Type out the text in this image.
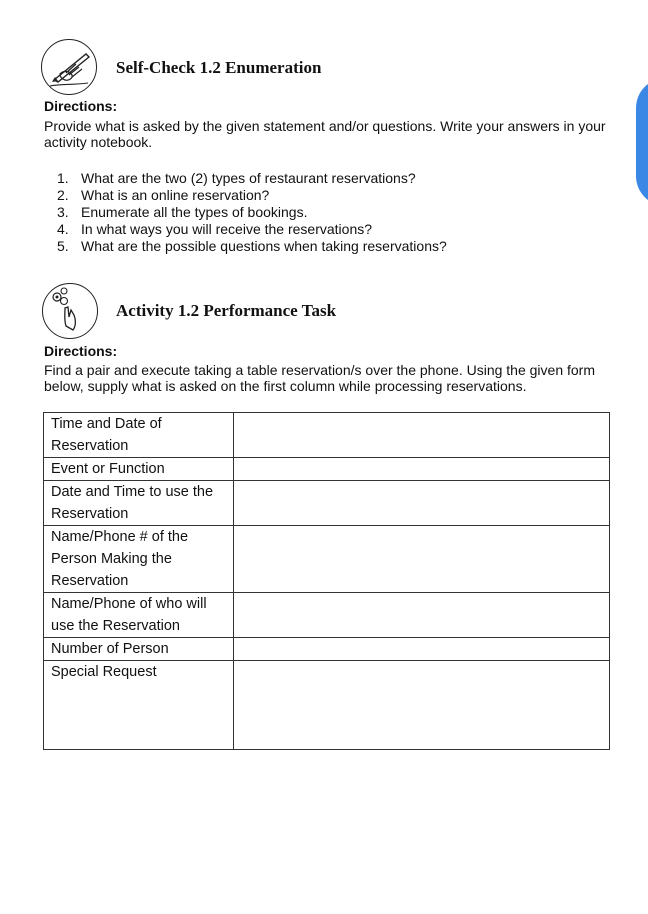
Self-Check 1.2 Enumeration
Directions:
Provide what is asked by the given statement and/or questions. Write your answers in your activity notebook.
1. What are the two (2) types of restaurant reservations?
2. What is an online reservation?
3. Enumerate all the types of bookings.
4. In what ways you will receive the reservations?
5. What are the possible questions when taking reservations?
Activity 1.2 Performance Task
Directions:
Find a pair and execute taking a table reservation/s over the phone. Using the given form below, supply what is asked on the first column while processing reservations.
Time and Date of Reservation	
Event or Function	
Date and Time to use the Reservation	
Name/Phone # of the Person Making the Reservation	
Name/Phone of who will use the Reservation	
Number of Person	
Special Request	
